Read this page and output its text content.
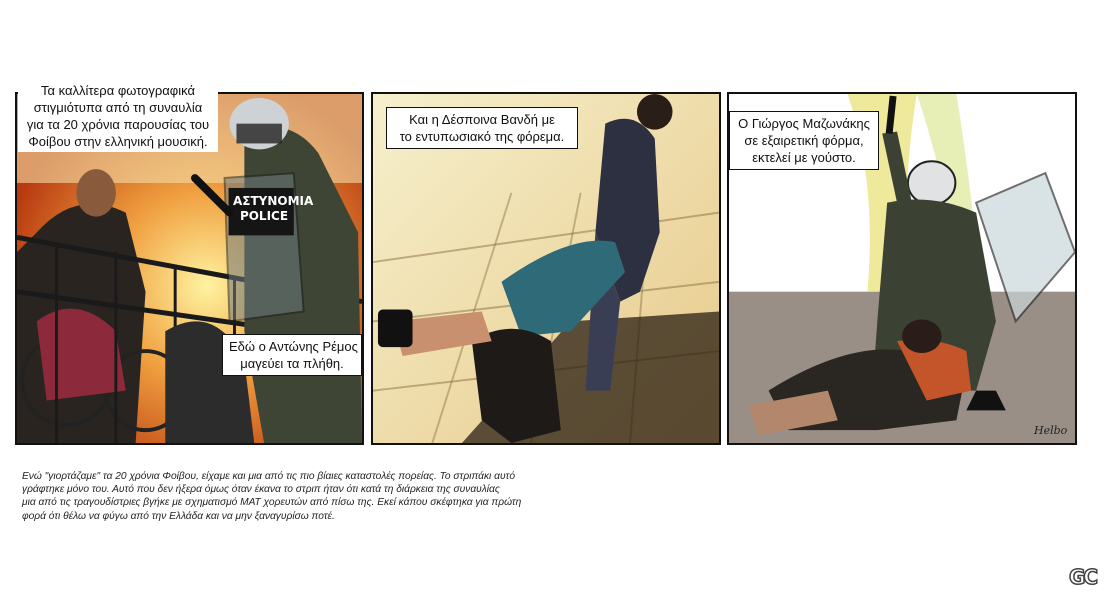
ΑΣΤΥΝΟΜΙΑ
POLICE
Τα καλλίτερα φωτογραφικά
στιγμιότυπα από τη συναυλία
για τα 20 χρόνια παρουσίας του
Φοίβου στην ελληνική μουσική.
Εδώ ο Αντώνης Ρέμος
μαγεύει τα πλήθη.
Και η Δέσποινα Βανδή με
το εντυπωσιακό της φόρεμα.
Ο Γιώργος Μαζωνάκης
σε εξαιρετική φόρμα,
εκτελεί με γούστο.
Helbo
Ενώ "γιορτάζαμε" τα 20 χρόνια Φοίβου, είχαμε και μια από τις πιο βίαιες καταστολές πορείας. Το στριπάκι αυτό
γράφτηκε μόνο του. Αυτό που δεν ήξερα όμως όταν έκανα το στριπ ήταν ότι κατά τη διάρκεια της συναυλίας
μια από τις τραγουδίστριες βγήκε με σχηματισμό ΜΑΤ χορευτών από πίσω της. Εκεί κάπου σκέφτηκα για πρώτη
φορά ότι θέλω να φύγω από την Ελλάδα και να μην ξαναγυρίσω ποτέ.
GC
